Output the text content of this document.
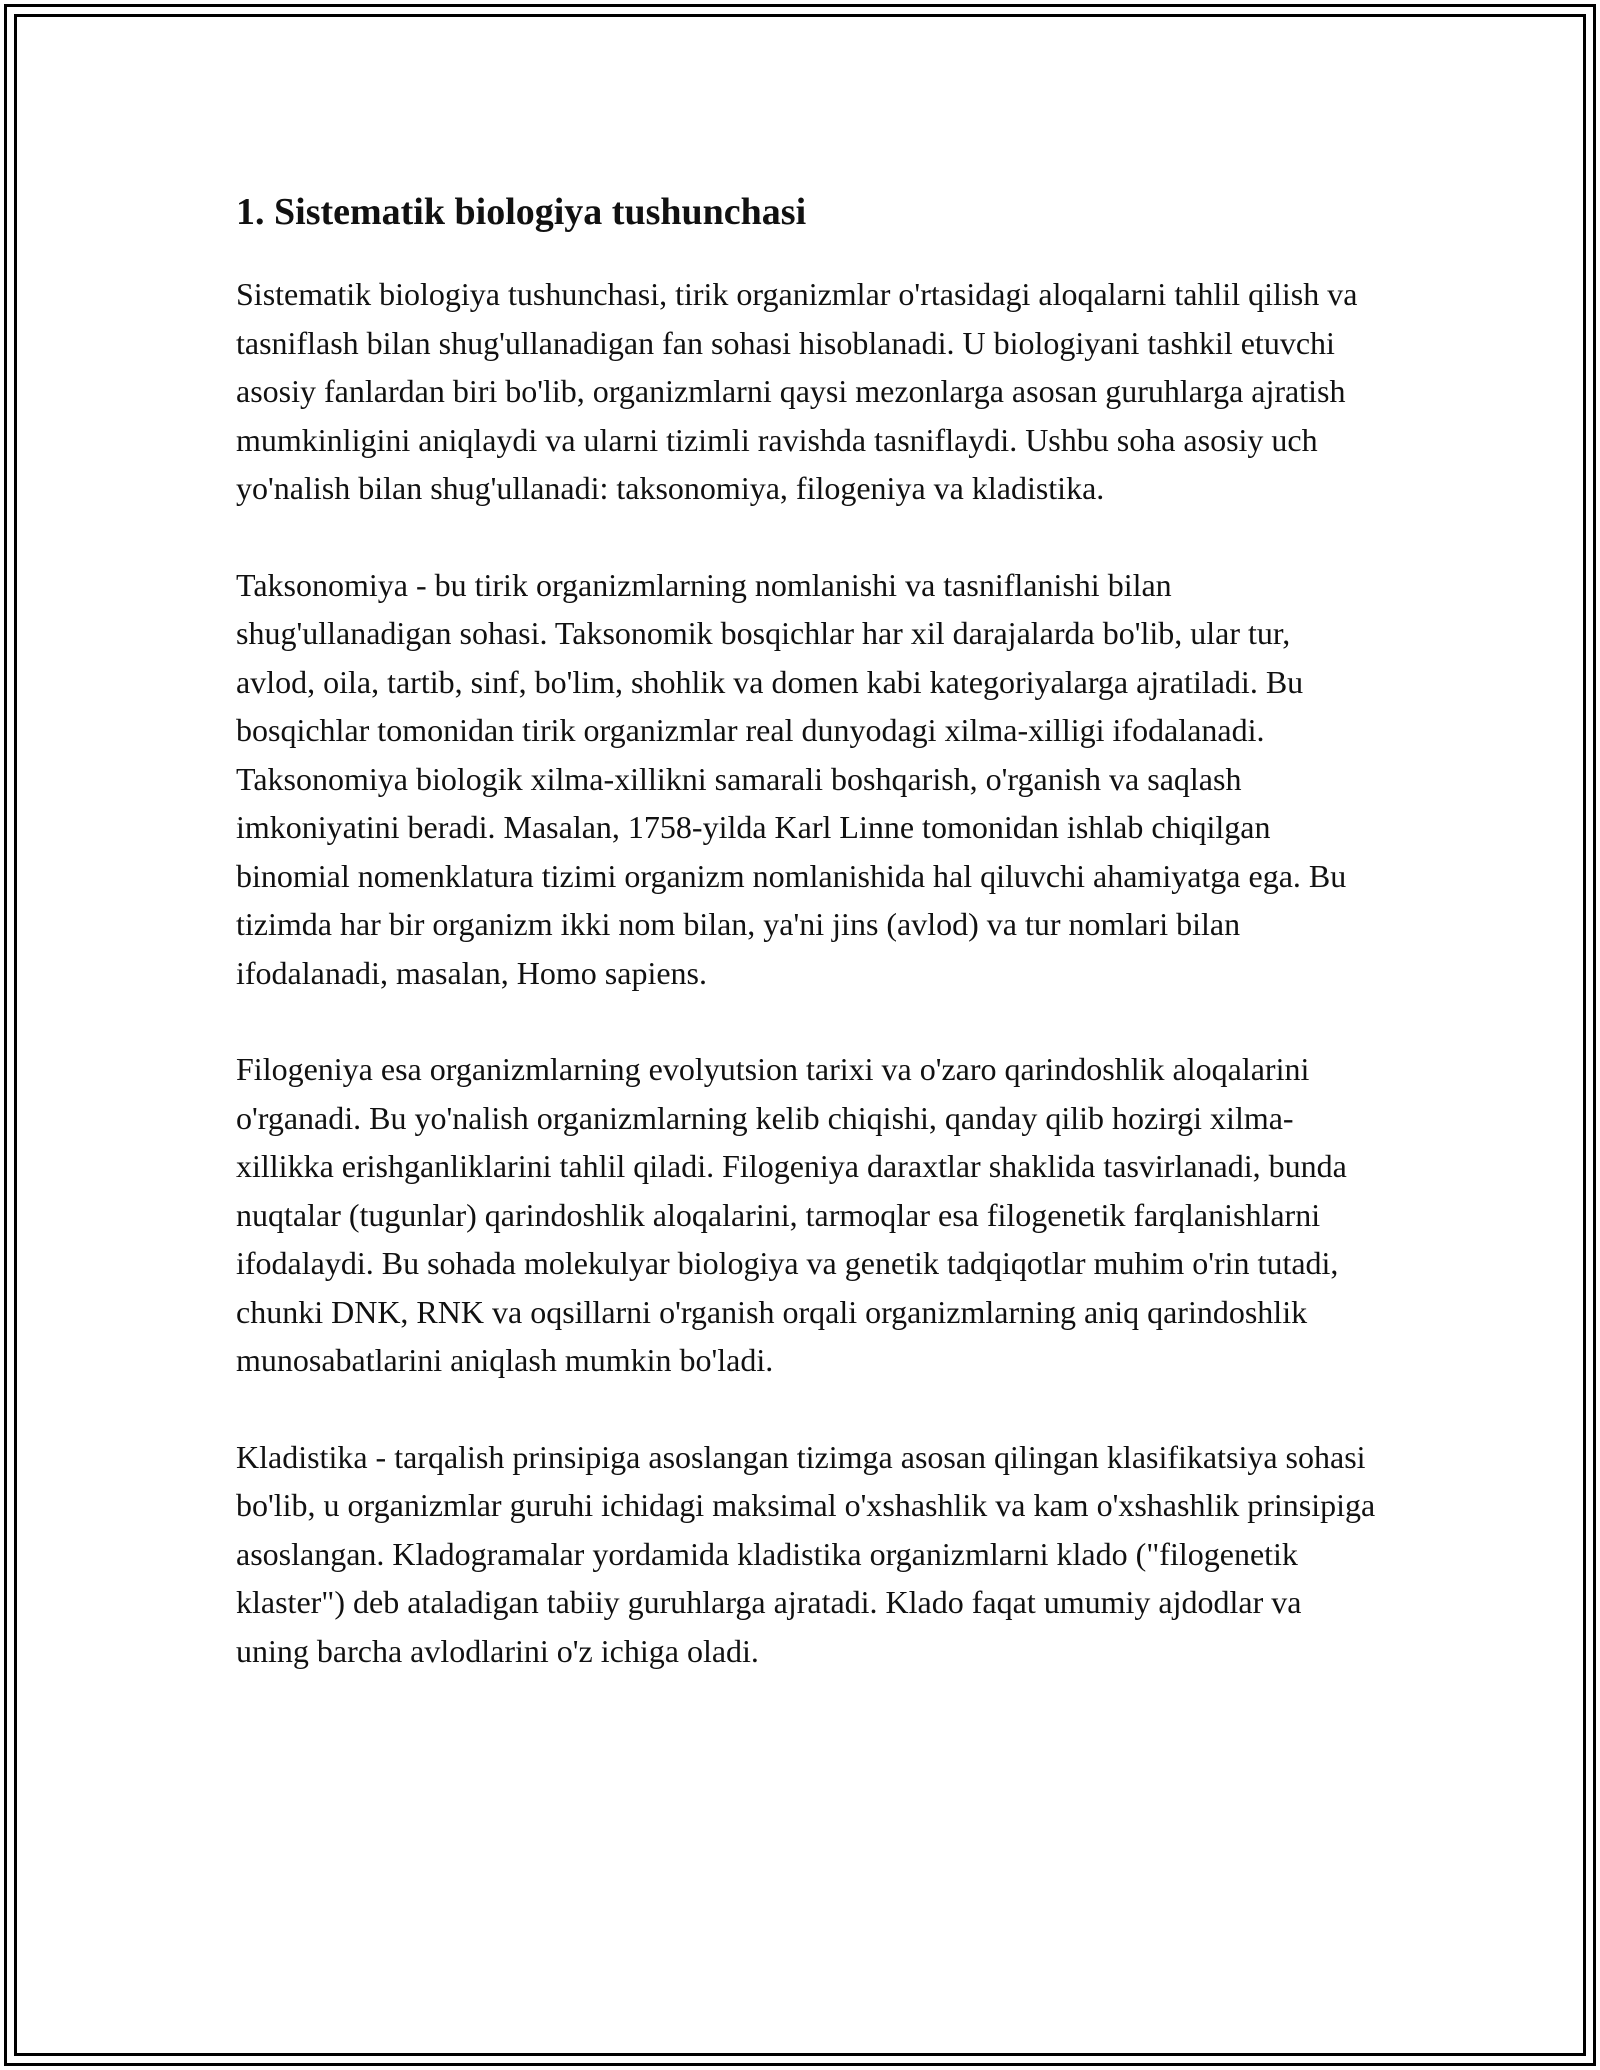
1. Sistematik biologiya tushunchasi

Sistematik biologiya tushunchasi, tirik organizmlar o'rtasidagi aloqalarni tahlil qilish va tasniflash bilan shug'ullanadigan fan sohasi hisoblanadi. U biologiyani tashkil etuvchi asosiy fanlardan biri bo'lib, organizmlarni qaysi mezonlarga asosan guruhlarga ajratish mumkinligini aniqlaydi va ularni tizimli ravishda tasniflaydi. Ushbu soha asosiy uch yo'nalish bilan shug'ullanadi: taksonomiya, filogeniya va kladistika.

Taksonomiya - bu tirik organizmlarning nomlanishi va tasniflanishi bilan shug'ullanadigan sohasi. Taksonomik bosqichlar har xil darajalarda bo'lib, ular tur, avlod, oila, tartib, sinf, bo'lim, shohlik va domen kabi kategoriyalarga ajratiladi. Bu bosqichlar tomonidan tirik organizmlar real dunyodagi xilma-xilligi ifodalanadi. Taksonomiya biologik xilma-xillikni samarali boshqarish, o'rganish va saqlash imkoniyatini beradi. Masalan, 1758-yilda Karl Linne tomonidan ishlab chiqilgan binomial nomenklatura tizimi organizm nomlanishida hal qiluvchi ahamiyatga ega. Bu tizimda har bir organizm ikki nom bilan, ya'ni jins (avlod) va tur nomlari bilan ifodalanadi, masalan, Homo sapiens.

Filogeniya esa organizmlarning evolyutsion tarixi va o'zaro qarindoshlik aloqalarini o'rganadi. Bu yo'nalish organizmlarning kelib chiqishi, qanday qilib hozirgi xilma-xillikka erishganliklarini tahlil qiladi. Filogeniya daraxtlar shaklida tasvirlanadi, bunda nuqtalar (tugunlar) qarindoshlik aloqalarini, tarmoqlar esa filogenetik farqlanishlarni ifodalaydi. Bu sohada molekulyar biologiya va genetik tadqiqotlar muhim o'rin tutadi, chunki DNK, RNK va oqsillarni o'rganish orqali organizmlarning aniq qarindoshlik munosabatlarini aniqlash mumkin bo'ladi.

Kladistika - tarqalish prinsipiga asoslangan tizimga asosan qilingan klasifikatsiya sohasi bo'lib, u organizmlar guruhi ichidagi maksimal o'xshashlik va kam o'xshashlik prinsipiga asoslangan. Kladogramalar yordamida kladistika organizmlarni klado ("filogenetik klaster") deb ataladigan tabiiy guruhlarga ajratadi. Klado faqat umumiy ajdodlar va uning barcha avlodlarini o'z ichiga oladi.
